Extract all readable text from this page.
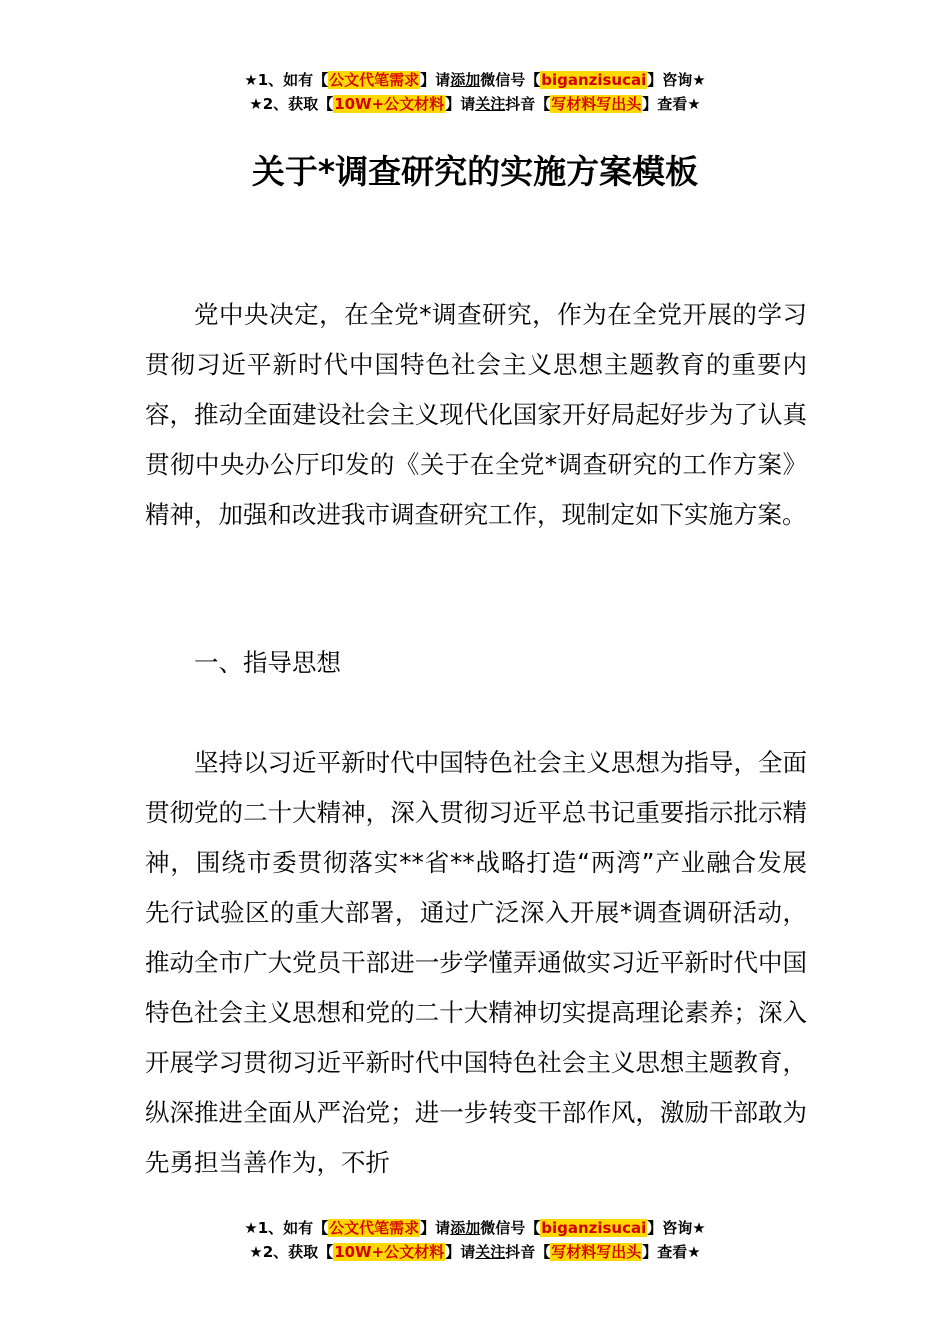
★1、如有【公文代笔需求】请添加微信号【biganzisucai】咨询★
★2、获取【10W+公文材料】请关注抖音【写材料写出头】查看★
关于*调查研究的实施方案模板

党中央决定，在全党*调查研究，作为在全党开展的学习贯彻习近平新时代中国特色社会主义思想主题教育的重要内容，推动全面建设社会主义现代化国家开好局起好步为了认真贯彻中央办公厅印发的《关于在全党*调查研究的工作方案》精神，加强和改进我市调查研究工作，现制定如下实施方案。

一、指导思想

坚持以习近平新时代中国特色社会主义思想为指导，全面贯彻党的二十大精神，深入贯彻习近平总书记重要指示批示精神，围绕市委贯彻落实**省**战略打造“两湾”产业融合发展先行试验区的重大部署，通过广泛深入开展*调查调研活动，推动全市广大党员干部进一步学懂弄通做实习近平新时代中国特色社会主义思想和党的二十大精神切实提高理论素养；深入开展学习贯彻习近平新时代中国特色社会主义思想主题教育，纵深推进全面从严治党；进一步转变干部作风，激励干部敢为先勇担当善作为，不折

★1、如有【公文代笔需求】请添加微信号【biganzisucai】咨询★
★2、获取【10W+公文材料】请关注抖音【写材料写出头】查看★
